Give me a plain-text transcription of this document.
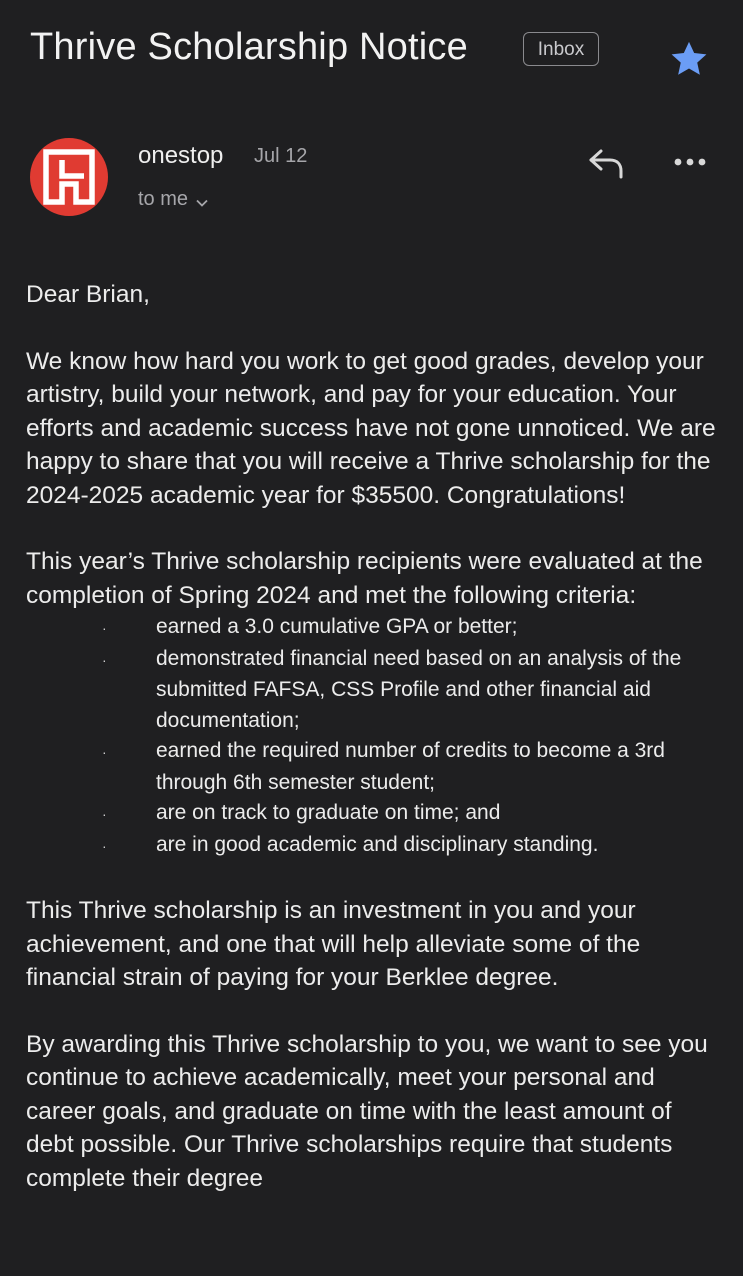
Thrive Scholarship Notice	Inbox
onestop Jul 12
to me

Dear Brian,

We know how hard you work to get good grades, develop your artistry, build your network, and pay for your education. Your efforts and academic success have not gone unnoticed. We are happy to share that you will receive a Thrive scholarship for the 2024-2025 academic year for $35500. Congratulations!

This year’s Thrive scholarship recipients were evaluated at the completion of Spring 2024 and met the following criteria:

· earned a 3.0 cumulative GPA or better;
· demonstrated financial need based on an analysis of the submitted FAFSA, CSS Profile and other financial aid documentation;
· earned the required number of credits to become a 3rd through 6th semester student;
· are on track to graduate on time; and
· are in good academic and disciplinary standing.

This Thrive scholarship is an investment in you and your achievement, and one that will help alleviate some of the financial strain of paying for your Berklee degree.

By awarding this Thrive scholarship to you, we want to see you continue to achieve academically, meet your personal and career goals, and graduate on time with the least amount of debt possible. Our Thrive scholarships require that students complete their degree
